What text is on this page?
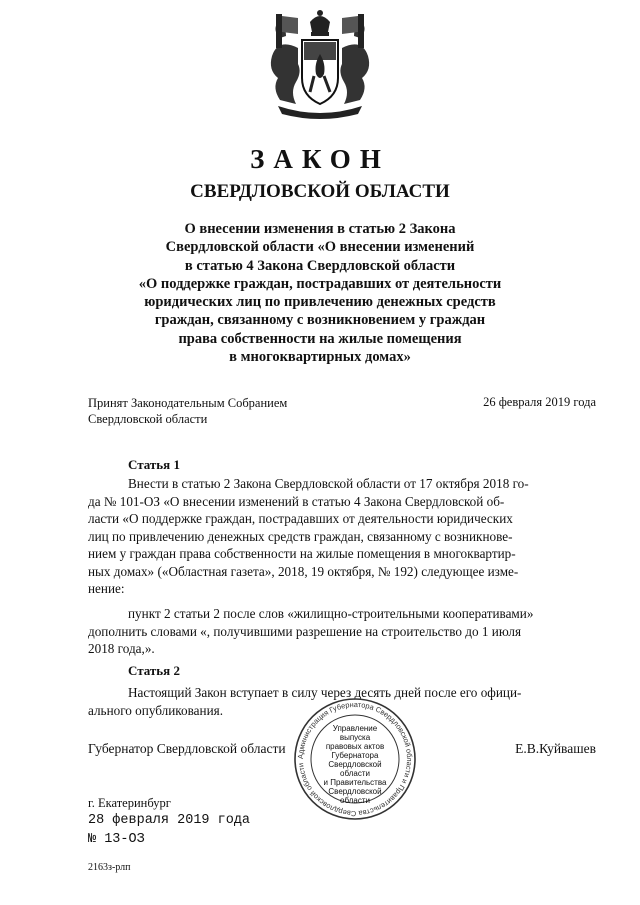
ЗАКОН
СВЕРДЛОВСКОЙ ОБЛАСТИ
О внесении изменения в статью 2 Закона
Свердловской области «О внесении изменений
в статью 4 Закона Свердловской области
«О поддержке граждан, пострадавших от деятельности
юридических лиц по привлечению денежных средств
граждан, связанному с возникновением у граждан
права собственности на жилые помещения
в многоквартирных домах»
Принят Законодательным Собранием
Свердловской области
26 февраля 2019 года
Статья 1
Внести в статью 2 Закона Свердловской области от 17 октября 2018 го-
да № 101-ОЗ «О внесении изменений в статью 4 Закона Свердловской об-
ласти «О поддержке граждан, пострадавших от деятельности юридических
лиц по привлечению денежных средств граждан, связанному с возникнове-
нием у граждан права собственности на жилые помещения в многоквартир-
ных домах» («Областная газета», 2018, 19 октября, № 192) следующее изме-
нение:
пункт 2 статьи 2 после слов «жилищно-строительными кооперативами»
дополнить словами «, получившими разрешение на строительство до 1 июля
2018 года,».
Статья 2
Настоящий Закон вступает в силу через десять дней после его офици-
ального опубликования.
Губернатор Свердловской области
Администрация Губернатора Свердловской области и Правительства Свердловской области
Управление
выпуска
правовых актов
Губернатора
Свердловской области
и Правительства
Свердловской
области
Е.В.Куйвашев
г. Екатеринбург
28 февраля 2019 года
№ 13-ОЗ
2163з-рлп
